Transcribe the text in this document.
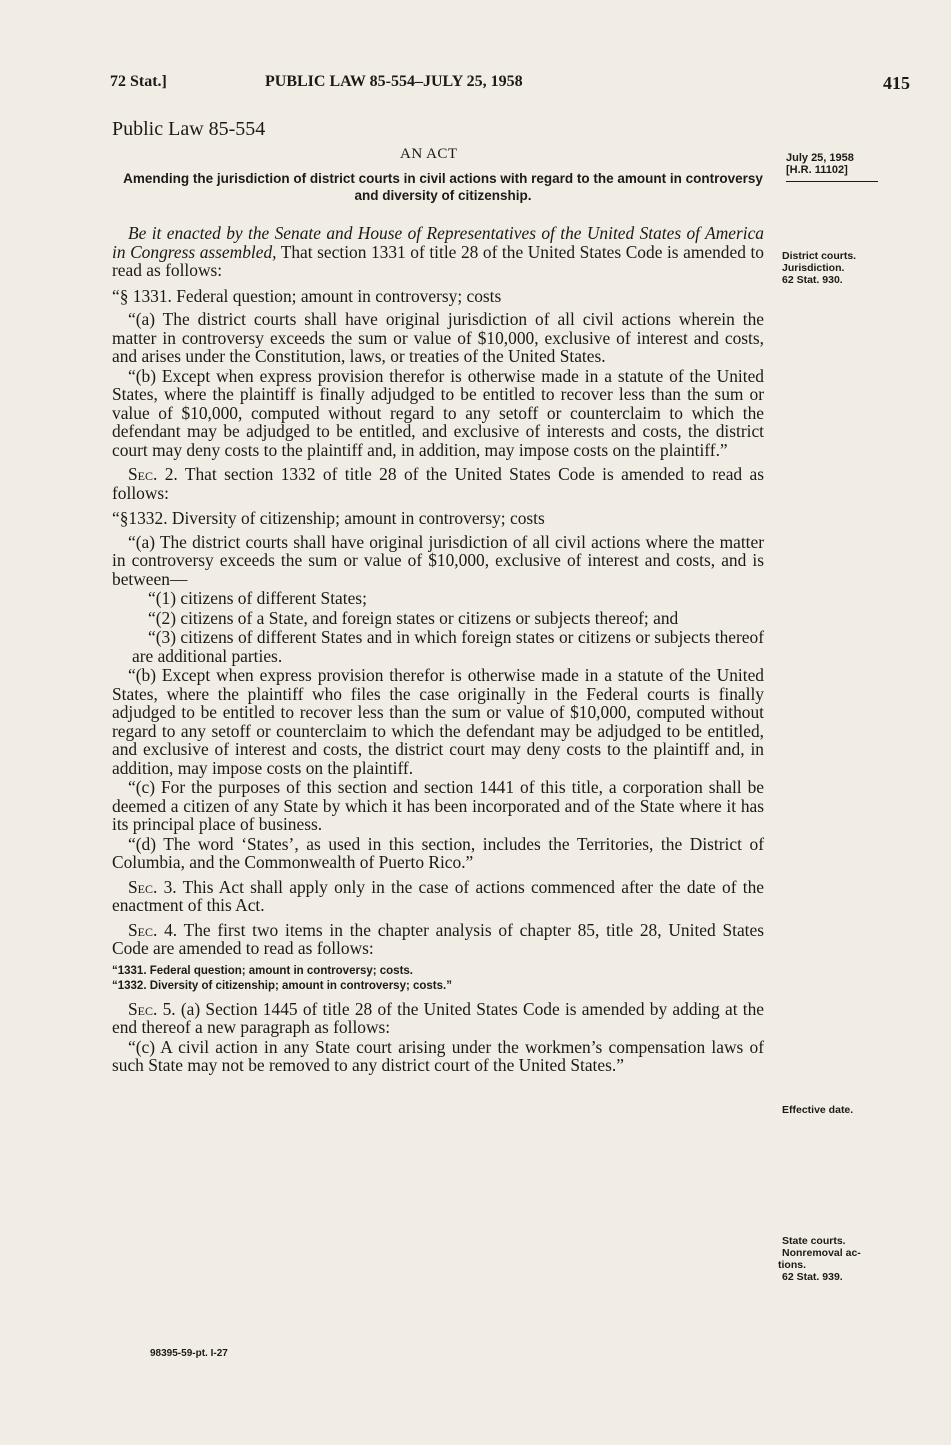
72 Stat.]	PUBLIC LAW 85-554–JULY 25, 1958	415
Public Law 85-554
AN ACT
Amending the jurisdiction of district courts in civil actions with regard to the amount in controversy and diversity of citizenship.
July 25, 1958
[H.R. 11102]
District courts.
Jurisdiction.
62 Stat. 930.
Effective date.
State courts.
Nonremoval ac-
tions.
62 Stat. 939.

Be it enacted by the Senate and House of Representatives of the United States of America in Congress assembled, That section 1331 of title 28 of the United States Code is amended to read as follows:

“§ 1331. Federal question; amount in controversy; costs

“(a) The district courts shall have original jurisdiction of all civil actions wherein the matter in controversy exceeds the sum or value of $10,000, exclusive of interest and costs, and arises under the Constitution, laws, or treaties of the United States.

“(b) Except when express provision therefor is otherwise made in a statute of the United States, where the plaintiff is finally adjudged to be entitled to recover less than the sum or value of $10,000, computed without regard to any setoff or counterclaim to which the defendant may be adjudged to be entitled, and exclusive of interests and costs, the district court may deny costs to the plaintiff and, in addition, may impose costs on the plaintiff.”

Sec. 2. That section 1332 of title 28 of the United States Code is amended to read as follows:

“§1332. Diversity of citizenship; amount in controversy; costs

“(a) The district courts shall have original jurisdiction of all civil actions where the matter in controversy exceeds the sum or value of $10,000, exclusive of interest and costs, and is between—

“(1) citizens of different States;

“(2) citizens of a State, and foreign states or citizens or subjects thereof; and

“(3) citizens of different States and in which foreign states or citizens or subjects thereof are additional parties.

“(b) Except when express provision therefor is otherwise made in a statute of the United States, where the plaintiff who files the case originally in the Federal courts is finally adjudged to be entitled to recover less than the sum or value of $10,000, computed without regard to any setoff or counterclaim to which the defendant may be adjudged to be entitled, and exclusive of interest and costs, the district court may deny costs to the plaintiff and, in addition, may impose costs on the plaintiff.

“(c) For the purposes of this section and section 1441 of this title, a corporation shall be deemed a citizen of any State by which it has been incorporated and of the State where it has its principal place of business.

“(d) The word ‘States’, as used in this section, includes the Territories, the District of Columbia, and the Commonwealth of Puerto Rico.”

Sec. 3. This Act shall apply only in the case of actions commenced after the date of the enactment of this Act.

Sec. 4. The first two items in the chapter analysis of chapter 85, title 28, United States Code are amended to read as follows:

“1331. Federal question; amount in controversy; costs.
“1332. Diversity of citizenship; amount in controversy; costs.”

Sec. 5. (a) Section 1445 of title 28 of the United States Code is amended by adding at the end thereof a new paragraph as follows:

“(c) A civil action in any State court arising under the workmen’s compensation laws of such State may not be removed to any district court of the United States.”

98395-59-pt. I-27
